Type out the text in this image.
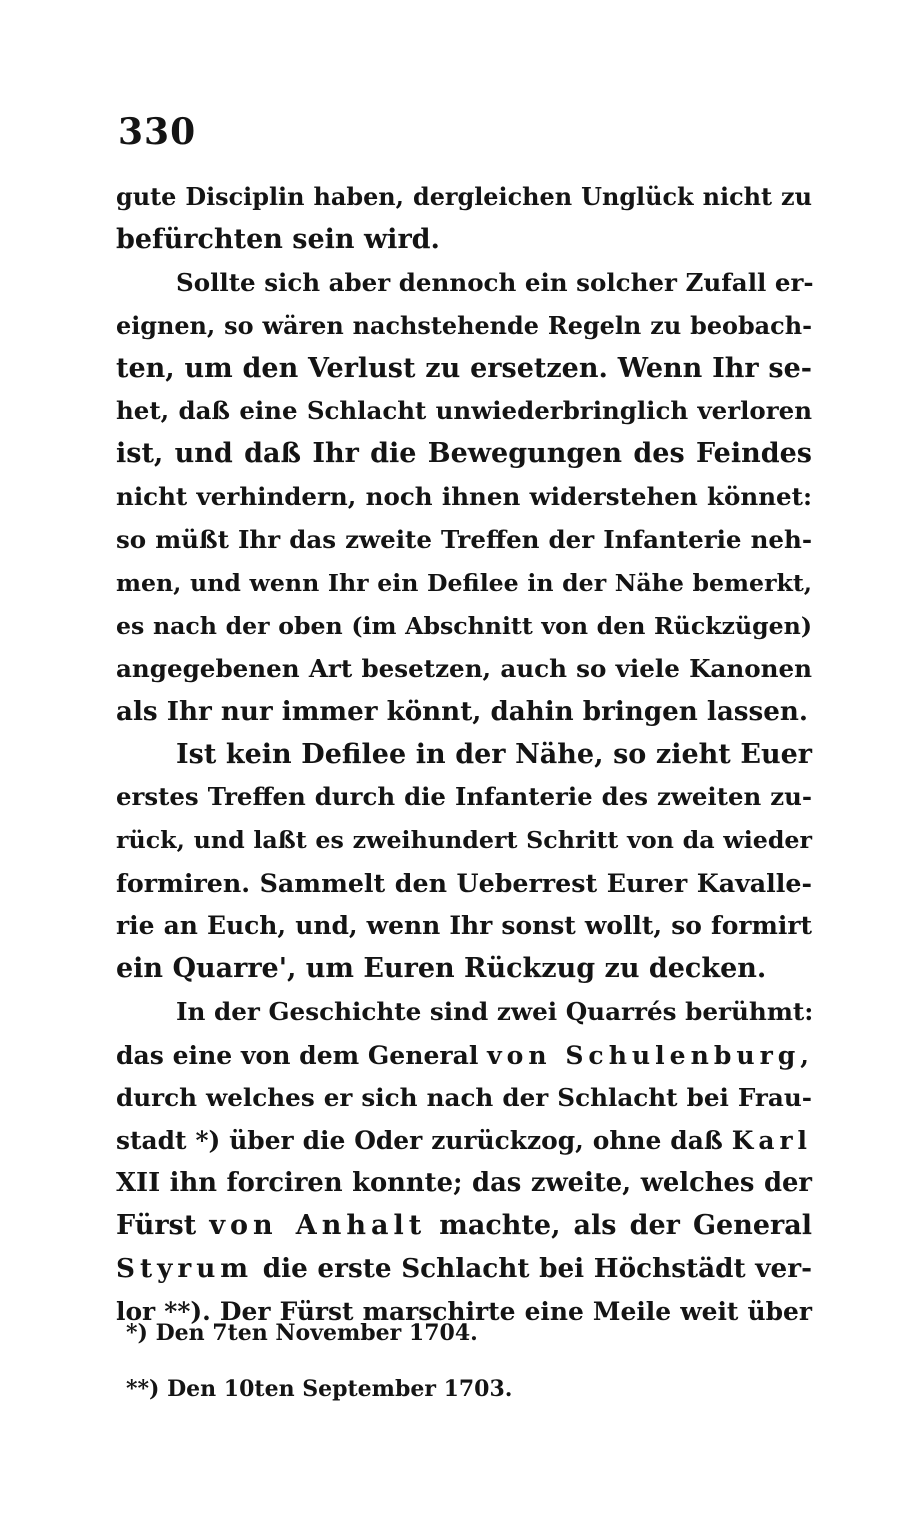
330
gute Disciplin haben, dergleichen Unglück nicht zu
befürchten sein wird.
Sollte sich aber dennoch ein solcher Zufall er-
eignen, so wären nachstehende Regeln zu beobach-
ten, um den Verlust zu ersetzen. Wenn Ihr se-
het, daß eine Schlacht unwiederbringlich verloren
ist, und daß Ihr die Bewegungen des Feindes
nicht verhindern, noch ihnen widerstehen könnet:
so müßt Ihr das zweite Treffen der Infanterie neh-
men, und wenn Ihr ein Defilee in der Nähe bemerkt,
es nach der oben (im Abschnitt von den Rückzügen)
angegebenen Art besetzen, auch so viele Kanonen
als Ihr nur immer könnt, dahin bringen lassen.
Ist kein Defilee in der Nähe, so zieht Euer
erstes Treffen durch die Infanterie des zweiten zu-
rück, und laßt es zweihundert Schritt von da wieder
formiren. Sammelt den Ueberrest Eurer Kavalle-
rie an Euch, und, wenn Ihr sonst wollt, so formirt
ein Quarre', um Euren Rückzug zu decken.
In der Geschichte sind zwei Quarrés berühmt:
das eine von dem General von Schulenburg,
durch welches er sich nach der Schlacht bei Frau-
stadt *) über die Oder zurückzog, ohne daß Karl
XII ihn forciren konnte; das zweite, welches der
Fürst von Anhalt machte, als der General
Styrum die erste Schlacht bei Höchstädt ver-
lor **). Der Fürst marschirte eine Meile weit über
*) Den 7ten November 1704.
**) Den 10ten September 1703.
